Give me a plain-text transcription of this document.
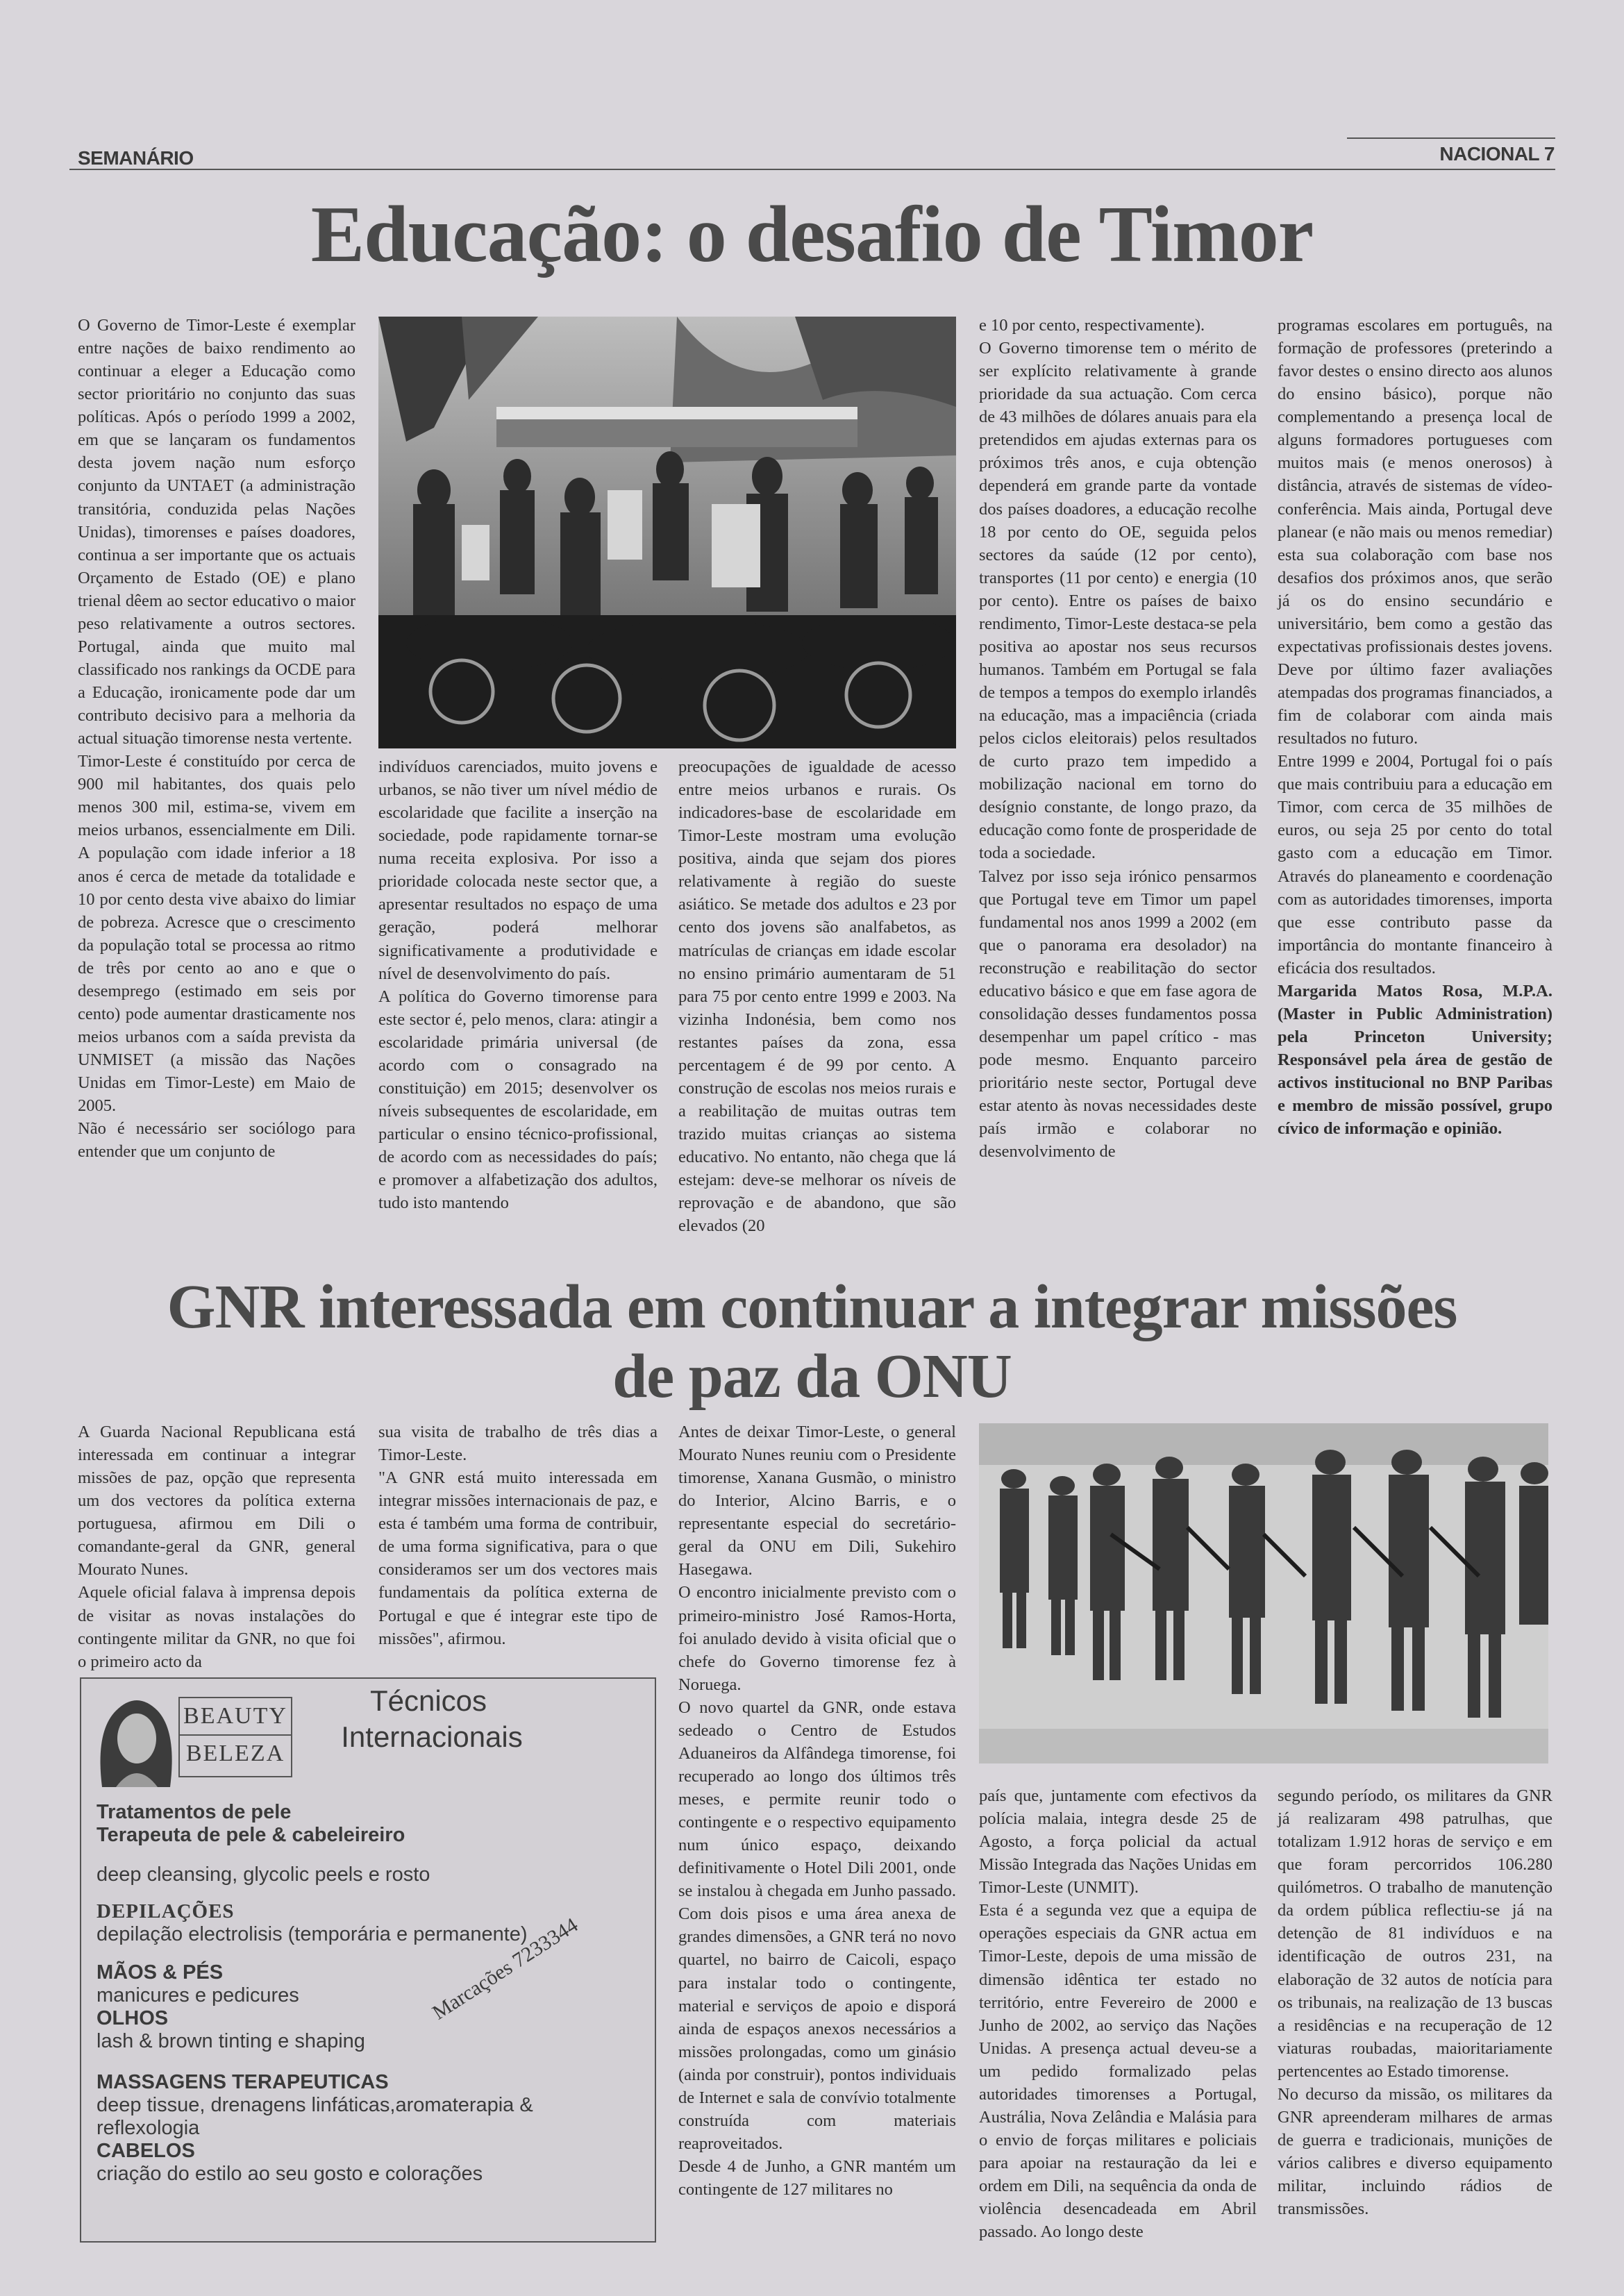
SEMANÁRIO	NACIONAL 7
Educação: o desafio de Timor

O Governo de Timor-Leste é exemplar entre nações de baixo rendimento ao continuar a eleger a Educação como sector prioritário no conjunto das suas políticas. Após o período 1999 a 2002, em que se lançaram os fundamentos desta jovem nação num esforço conjunto da UNTAET (a administração transitória, conduzida pelas Nações Unidas), timorenses e países doadores, continua a ser importante que os actuais Orçamento de Estado (OE) e plano trienal dêem ao sector educativo o maior peso relativamente a outros sectores. Portugal, ainda que muito mal classificado nos rankings da OCDE para a Educação, ironicamente pode dar um contributo decisivo para a melhoria da actual situação timorense nesta vertente.

Timor-Leste é constituído por cerca de 900 mil habitantes, dos quais pelo menos 300 mil, estima-se, vivem em meios urbanos, essencialmente em Dili. A população com idade inferior a 18 anos é cerca de metade da totalidade e 10 por cento desta vive abaixo do limiar de pobreza. Acresce que o crescimento da população total se processa ao ritmo de três por cento ao ano e que o desemprego (estimado em seis por cento) pode aumentar drasticamente nos meios urbanos com a saída prevista da UNMISET (a missão das Nações Unidas em Timor-Leste) em Maio de 2005.

Não é necessário ser sociólogo para entender que um conjunto de

indivíduos carenciados, muito jovens e urbanos, se não tiver um nível médio de escolaridade que facilite a inserção na sociedade, pode rapidamente tornar-se numa receita explosiva. Por isso a prioridade colocada neste sector que, a apresentar resultados no espaço de uma geração, poderá melhorar significativamente a produtividade e nível de desenvolvimento do país.

A política do Governo timorense para este sector é, pelo menos, clara: atingir a escolaridade primária universal (de acordo com o consagrado na constituição) em 2015; desenvolver os níveis subsequentes de escolaridade, em particular o ensino técnico-profissional, de acordo com as necessidades do país; e promover a alfabetização dos adultos, tudo isto mantendo

preocupações de igualdade de acesso entre meios urbanos e rurais. Os indicadores-base de escolaridade em Timor-Leste mostram uma evolução positiva, ainda que sejam dos piores relativamente à região do sueste asiático. Se metade dos adultos e 23 por cento dos jovens são analfabetos, as matrículas de crianças em idade escolar no ensino primário aumentaram de 51 para 75 por cento entre 1999 e 2003. Na vizinha Indonésia, bem como nos restantes países da zona, essa percentagem é de 99 por cento. A construção de escolas nos meios rurais e a reabilitação de muitas outras tem trazido muitas crianças ao sistema educativo. No entanto, não chega que lá estejam: deve-se melhorar os níveis de reprovação e de abandono, que são elevados (20

e 10 por cento, respectivamente).

O Governo timorense tem o mérito de ser explícito relativamente à grande prioridade da sua actuação. Com cerca de 43 milhões de dólares anuais para ela pretendidos em ajudas externas para os próximos três anos, e cuja obtenção dependerá em grande parte da vontade dos países doadores, a educação recolhe 18 por cento do OE, seguida pelos sectores da saúde (12 por cento), transportes (11 por cento) e energia (10 por cento). Entre os países de baixo rendimento, Timor-Leste destaca-se pela positiva ao apostar nos seus recursos humanos. Também em Portugal se fala de tempos a tempos do exemplo irlandês na educação, mas a impaciência (criada pelos ciclos eleitorais) pelos resultados de curto prazo tem impedido a mobilização nacional em torno do desígnio constante, de longo prazo, da educação como fonte de prosperidade de toda a sociedade.

Talvez por isso seja irónico pensarmos que Portugal teve em Timor um papel fundamental nos anos 1999 a 2002 (em que o panorama era desolador) na reconstrução e reabilitação do sector educativo básico e que em fase agora de consolidação desses fundamentos possa desempenhar um papel crítico - mas pode mesmo. Enquanto parceiro prioritário neste sector, Portugal deve estar atento às novas necessidades deste país irmão e colaborar no desenvolvimento de

programas escolares em português, na formação de professores (preterindo a favor destes o ensino directo aos alunos do ensino básico), porque não complementando a presença local de alguns formadores portugueses com muitos mais (e menos onerosos) à distância, através de sistemas de vídeo-conferência. Mais ainda, Portugal deve planear (e não mais ou menos remediar) esta sua colaboração com base nos desafios dos próximos anos, que serão já os do ensino secundário e universitário, bem como a gestão das expectativas profissionais destes jovens. Deve por último fazer avaliações atempadas dos programas financiados, a fim de colaborar com ainda mais resultados no futuro.

Entre 1999 e 2004, Portugal foi o país que mais contribuiu para a educação em Timor, com cerca de 35 milhões de euros, ou seja 25 por cento do total gasto com a educação em Timor. Através do planeamento e coordenação com as autoridades timorenses, importa que esse contributo passe da importância do montante financeiro à eficácia dos resultados.

Margarida Matos Rosa, M.P.A. (Master in Public Administration) pela Princeton University; Responsável pela área de gestão de activos institucional no BNP Paribas e membro de missão possível, grupo cívico de informação e opinião.

GNR interessada em continuar a integrar missões
de paz da ONU

A Guarda Nacional Republicana está interessada em continuar a integrar missões de paz, opção que representa um dos vectores da política externa portuguesa, afirmou em Dili o comandante-geral da GNR, general Mourato Nunes.

Aquele oficial falava à imprensa depois de visitar as novas instalações do contingente militar da GNR, no que foi o primeiro acto da

sua visita de trabalho de três dias a Timor-Leste.

"A GNR está muito interessada em integrar missões internacionais de paz, e esta é também uma forma de contribuir, de uma forma significativa, para o que consideramos ser um dos vectores mais fundamentais da política externa de Portugal e que é integrar este tipo de missões", afirmou.

Antes de deixar Timor-Leste, o general Mourato Nunes reuniu com o Presidente timorense, Xanana Gusmão, o ministro do Interior, Alcino Barris, e o representante especial do secretário-geral da ONU em Dili, Sukehiro Hasegawa.

O encontro inicialmente previsto com o primeiro-ministro José Ramos-Horta, foi anulado devido à visita oficial que o chefe do Governo timorense fez à Noruega.

O novo quartel da GNR, onde estava sedeado o Centro de Estudos Aduaneiros da Alfândega timorense, foi recuperado ao longo dos últimos três meses, e permite reunir todo o contingente e o respectivo equipamento num único espaço, deixando definitivamente o Hotel Dili 2001, onde se instalou à chegada em Junho passado. Com dois pisos e uma área anexa de grandes dimensões, a GNR terá no novo quartel, no bairro de Caicoli, espaço para instalar todo o contingente, material e serviços de apoio e disporá ainda de espaços anexos necessários a missões prolongadas, como um ginásio (ainda por construir), pontos individuais de Internet e sala de convívio totalmente construída com materiais reaproveitados.

Desde 4 de Junho, a GNR mantém um contingente de 127 militares no

país que, juntamente com efectivos da polícia malaia, integra desde 25 de Agosto, a força policial da actual Missão Integrada das Nações Unidas em Timor-Leste (UNMIT).

Esta é a segunda vez que a equipa de operações especiais da GNR actua em Timor-Leste, depois de uma missão de dimensão idêntica ter estado no território, entre Fevereiro de 2000 e Junho de 2002, ao serviço das Nações Unidas. A presença actual deveu-se a um pedido formalizado pelas autoridades timorenses a Portugal, Austrália, Nova Zelândia e Malásia para o envio de forças militares e policiais para apoiar na restauração da lei e ordem em Dili, na sequência da onda de violência desencadeada em Abril passado. Ao longo deste

segundo período, os militares da GNR já realizaram 498 patrulhas, que totalizam 1.912 horas de serviço e em que foram percorridos 106.280 quilómetros. O trabalho de manutenção da ordem pública reflectiu-se já na detenção de 81 indivíduos e na identificação de outros 231, na elaboração de 32 autos de notícia para os tribunais, na realização de 13 buscas a residências e na recuperação de 12 viaturas roubadas, maioritariamente pertencentes ao Estado timorense.

No decurso da missão, os militares da GNR apreenderam milhares de armas de guerra e tradicionais, munições de vários calibres e diverso equipamento militar, incluindo rádios de transmissões.

BEAUTY
BELEZA
Técnicos
Internacionais
Tratamentos de pele
Terapeuta de pele & cabeleireiro
deep cleansing, glycolic peels e rosto
DEPILAÇÕES
depilação electrolisis (temporária e permanente)
MÃOS & PÉS
manicures e pedicures
OLHOS
lash & brown tinting e shaping
MASSAGENS TERAPEUTICAS
deep tissue, drenagens linfáticas,aromaterapia & reflexologia
CABELOS
criação do estilo ao seu gosto e colorações
Marcações 7233344
